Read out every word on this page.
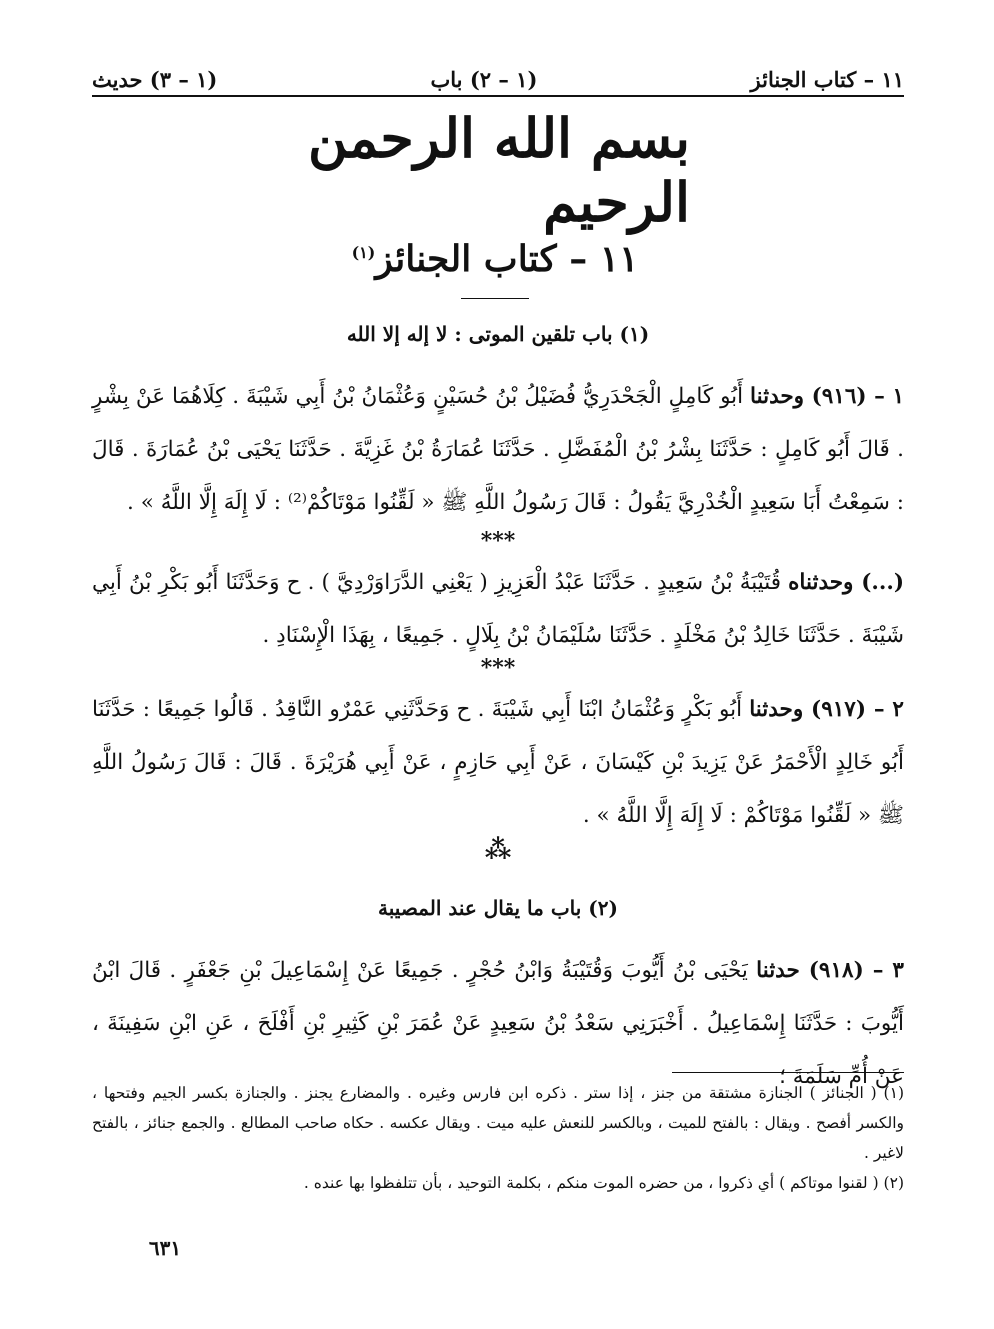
١١ – كتاب الجنائز
(١ – ٢) باب
(١ – ٣) حديث
بسم الله الرحمن الرحيم
١١ – كتاب الجنائز$^{(١)}$
(١) باب تلقين الموتى : لا إله إلا الله
١ – (٩١٦) وحدثنا أَبُو كَامِلٍ الْجَحْدَرِيُّ فُضَيْلُ بْنُ حُسَيْنٍ وَعُثْمَانُ بْنُ أَبِي شَيْبَةَ . كِلَاهُمَا عَنْ بِشْرٍ . قَالَ أَبُو كَامِلٍ : حَدَّثَنَا بِشْرُ بْنُ الْمُفَضَّلِ . حَدَّثَنَا عُمَارَةُ بْنُ غَزِيَّةَ . حَدَّثَنَا يَحْيَى بْنُ عُمَارَةَ . قَالَ : سَمِعْتُ أَبَا سَعِيدٍ الْخُدْرِيَّ يَقُولُ : قَالَ رَسُولُ اللَّهِ ﷺ « لَقِّنُوا مَوْتَاكُمْ⁽²⁾ : لَا إِلَهَ إِلَّا اللَّهُ » .
***
(...) وحدثناه قُتَيْبَةُ بْنُ سَعِيدٍ . حَدَّثَنَا عَبْدُ الْعَزِيزِ ( يَعْنِي الدَّرَاوَرْدِيَّ ) . ح وَحَدَّثَنَا أَبُو بَكْرِ بْنُ أَبِي شَيْبَةَ . حَدَّثَنَا خَالِدُ بْنُ مَخْلَدٍ . حَدَّثَنَا سُلَيْمَانُ بْنُ بِلَالٍ . جَمِيعًا ، بِهَذَا الْإِسْنَادِ .
***
٢ – (٩١٧) وحدثنا أَبُو بَكْرٍ وَعُثْمَانُ ابْنَا أَبِي شَيْبَةَ . ح وَحَدَّثَنِي عَمْرٌو النَّاقِدُ . قَالُوا جَمِيعًا : حَدَّثَنَا أَبُو خَالِدٍ الْأَحْمَرُ عَنْ يَزِيدَ بْنِ كَيْسَانَ ، عَنْ أَبِي حَازِمٍ ، عَنْ أَبِي هُرَيْرَةَ . قَالَ : قَالَ رَسُولُ اللَّهِ ﷺ « لَقِّنُوا مَوْتَاكُمْ : لَا إِلَهَ إِلَّا اللَّهُ » .
⁂
(٢) باب ما يقال عند المصيبة
٣ – (٩١٨) حدثنا يَحْيَى بْنُ أَيُّوبَ وَقُتَيْبَةُ وَابْنُ حُجْرٍ . جَمِيعًا عَنْ إِسْمَاعِيلَ بْنِ جَعْفَرٍ . قَالَ ابْنُ أَيُّوبَ : حَدَّثَنَا إِسْمَاعِيلُ . أَخْبَرَنِي سَعْدُ بْنُ سَعِيدٍ عَنْ عُمَرَ بْنِ كَثِيرِ بْنِ أَفْلَحَ ، عَنِ ابْنِ سَفِينَةَ ، عَنْ أُمِّ سَلَمَةَ ؛

(١) ( الجنائز ) الجنازة مشتقة من جنز ، إذا ستر . ذكره ابن فارس وغيره . والمضارع يجنز . والجنازة بكسر الجيم وفتحها ، والكسر أفصح . ويقال : بالفتح للميت ، وبالكسر للنعش عليه ميت . ويقال عكسه . حكاه صاحب المطالع . والجمع جنائز ، بالفتح لاغير .

(٢) ( لقنوا موتاكم ) أي ذكروا ، من حضره الموت منكم ، بكلمة التوحيد ، بأن تتلفظوا بها عنده .

٦٣١
